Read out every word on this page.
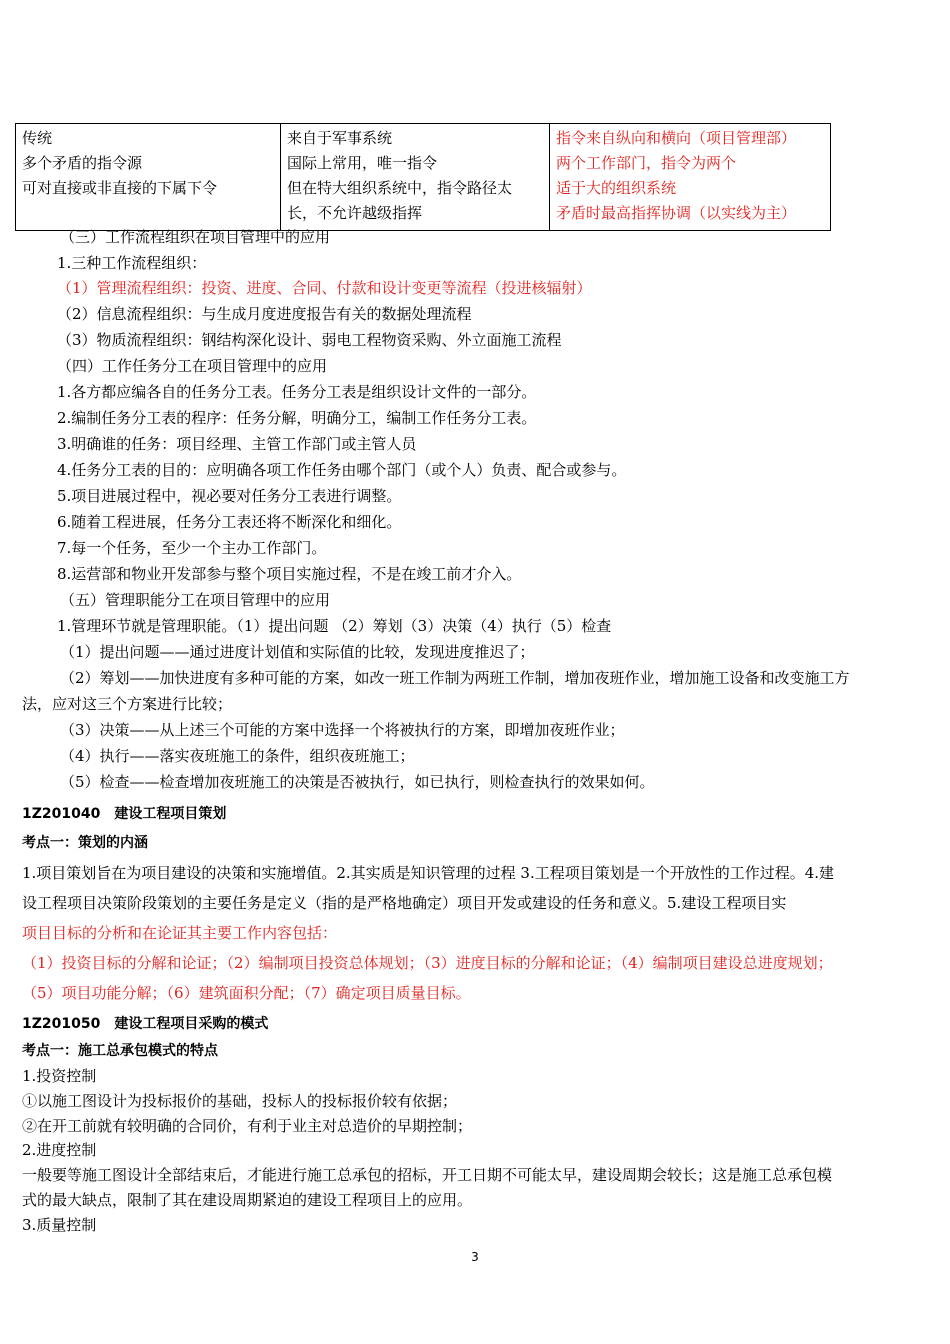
传统
多个矛盾的指令源
可对直接或非直接的下属下令

来自于军事系统
国际上常用，唯一指令
但在特大组织系统中，指令路径太
长，不允许越级指挥

指令来自纵向和横向（项目管理部）
两个工作部门，指令为两个
适于大的组织系统
矛盾时最高指挥协调（以实线为主）
（三）工作流程组织在项目管理中的应用
1.三种工作流程组织：
（1）管理流程组织：投资、进度、合同、付款和设计变更等流程（投进核辐射）
（2）信息流程组织：与生成月度进度报告有关的数据处理流程
（3）物质流程组织：钢结构深化设计、弱电工程物资采购、外立面施工流程
（四）工作任务分工在项目管理中的应用
1.各方都应编各自的任务分工表。任务分工表是组织设计文件的一部分。
2.编制任务分工表的程序：任务分解，明确分工，编制工作任务分工表。
3.明确谁的任务：项目经理、主管工作部门或主管人员
4.任务分工表的目的：应明确各项工作任务由哪个部门（或个人）负责、配合或参与。
5.项目进展过程中，视必要对任务分工表进行调整。
6.随着工程进展，任务分工表还将不断深化和细化。
7.每一个任务，至少一个主办工作部门。
8.运营部和物业开发部参与整个项目实施过程，不是在竣工前才介入。
（五）管理职能分工在项目管理中的应用
1.管理环节就是管理职能。（1）提出问题 （2）筹划（3）决策（4）执行（5）检查
（1）提出问题——通过进度计划值和实际值的比较，发现进度推迟了；
（2）筹划——加快进度有多种可能的方案，如改一班工作制为两班工作制，增加夜班作业，增加施工设备和改变施工方
法，应对这三个方案进行比较；
（3）决策——从上述三个可能的方案中选择一个将被执行的方案，即增加夜班作业；
（4）执行——落实夜班施工的条件，组织夜班施工；
（5）检查——检查增加夜班施工的决策是否被执行，如已执行，则检查执行的效果如何。
1Z201040　建设工程项目策划
考点一：策划的内涵
1.项目策划旨在为项目建设的决策和实施增值。2.其实质是知识管理的过程 3.工程项目策划是一个开放性的工作过程。4.建
设工程项目决策阶段策划的主要任务是定义（指的是严格地确定）项目开发或建设的任务和意义。5.建设工程项目实
项目目标的分析和在论证其主要工作内容包括：
（1）投资目标的分解和论证；（2）编制项目投资总体规划；（3）进度目标的分解和论证；（4）编制项目建设总进度规划；
（5）项目功能分解；（6）建筑面积分配；（7）确定项目质量目标。
1Z201050　建设工程项目采购的模式
考点一：施工总承包模式的特点
1.投资控制
①以施工图设计为投标报价的基础，投标人的投标报价较有依据；
②在开工前就有较明确的合同价，有利于业主对总造价的早期控制；
2.进度控制
一般要等施工图设计全部结束后，才能进行施工总承包的招标，开工日期不可能太早，建设周期会较长；这是施工总承包模
式的最大缺点，限制了其在建设周期紧迫的建设工程项目上的应用。
3.质量控制
3
